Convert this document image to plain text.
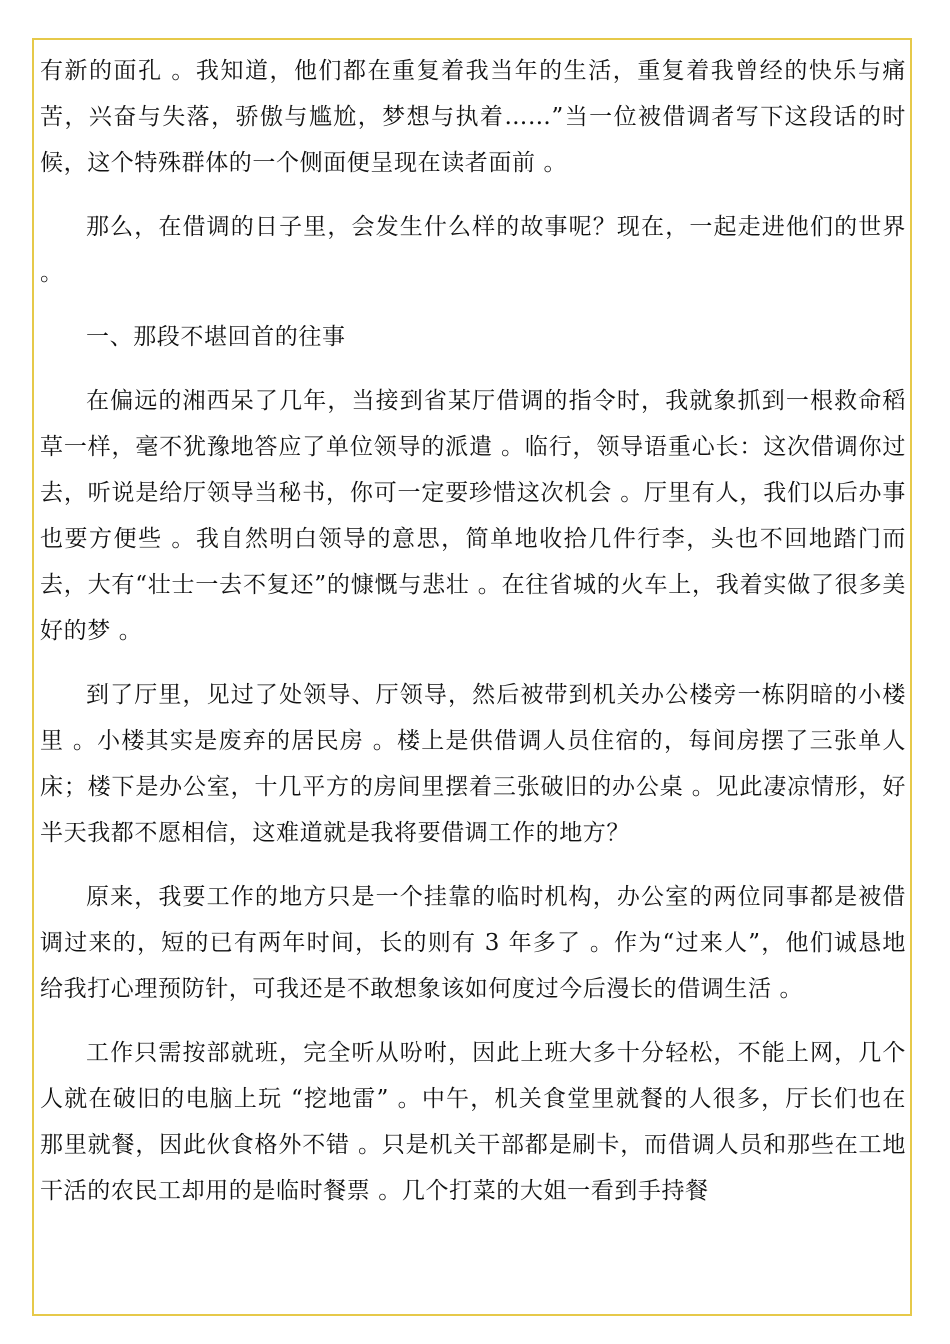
有新的面孔 。我知道，他们都在重复着我当年的生活，重复着我曾经的快乐与痛苦，兴奋与失落，骄傲与尴尬，梦想与执着……”当一位被借调者写下这段话的时候，这个特殊群体的一个侧面便呈现在读者面前 。

那么，在借调的日子里，会发生什么样的故事呢？现在，一起走进他们的世界 。

一、那段不堪回首的往事

在偏远的湘西呆了几年，当接到省某厅借调的指令时，我就象抓到一根救命稻草一样，毫不犹豫地答应了单位领导的派遣 。临行，领导语重心长：这次借调你过去，听说是给厅领导当秘书，你可一定要珍惜这次机会 。厅里有人，我们以后办事也要方便些 。我自然明白领导的意思，简单地收拾几件行李，头也不回地踏门而去，大有“壮士一去不复还”的慷慨与悲壮 。在往省城的火车上，我着实做了很多美好的梦 。

到了厅里，见过了处领导、厅领导，然后被带到机关办公楼旁一栋阴暗的小楼里 。小楼其实是废弃的居民房 。楼上是供借调人员住宿的，每间房摆了三张单人床；楼下是办公室，十几平方的房间里摆着三张破旧的办公桌 。见此凄凉情形，好半天我都不愿相信，这难道就是我将要借调工作的地方？

原来，我要工作的地方只是一个挂靠的临时机构，办公室的两位同事都是被借调过来的，短的已有两年时间，长的则有 3 年多了 。作为“过来人”，他们诚恳地给我打心理预防针，可我还是不敢想象该如何度过今后漫长的借调生活 。

工作只需按部就班，完全听从吩咐，因此上班大多十分轻松，不能上网，几个人就在破旧的电脑上玩 “挖地雷” 。中午，机关食堂里就餐的人很多，厅长们也在那里就餐，因此伙食格外不错 。只是机关干部都是刷卡，而借调人员和那些在工地干活的农民工却用的是临时餐票 。几个打菜的大姐一看到手持餐
